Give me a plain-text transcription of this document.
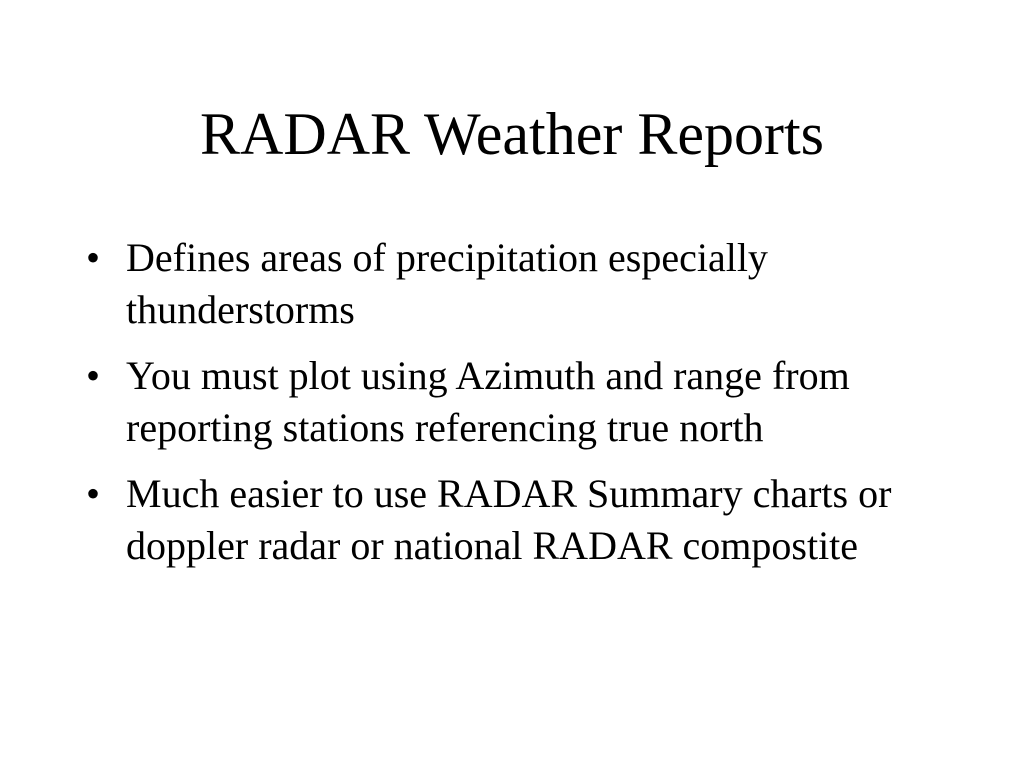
RADAR Weather Reports
• Defines areas of precipitation especially thunderstorms
• You must plot using Azimuth and range from reporting stations referencing true north
• Much easier to use RADAR Summary charts or doppler radar or national RADAR compostite
